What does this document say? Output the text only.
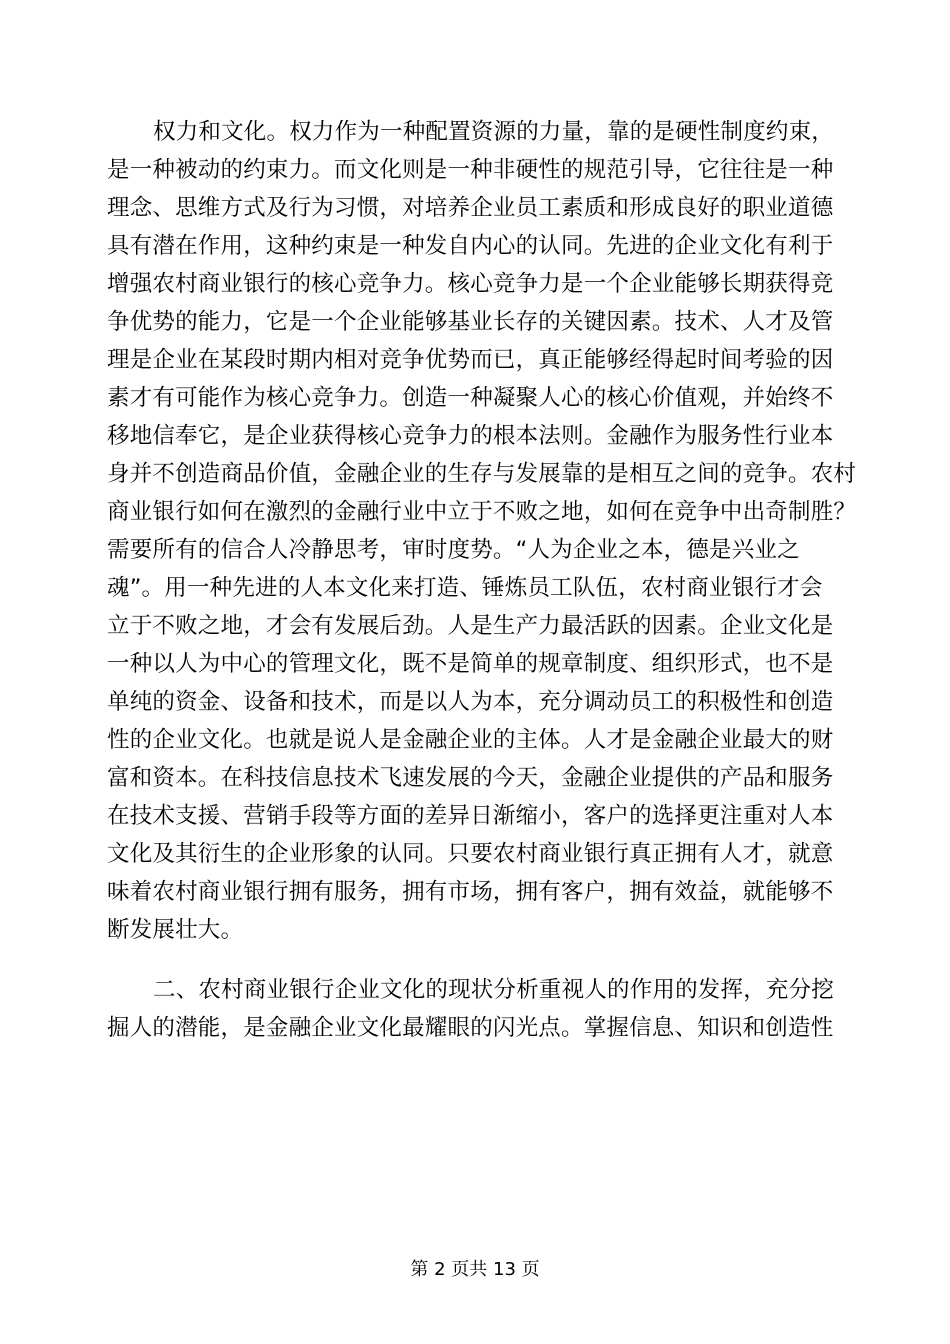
权力和文化。权力作为一种配置资源的力量，靠的是硬性制度约束，
是一种被动的约束力。而文化则是一种非硬性的规范引导，它往往是一种
理念、思维方式及行为习惯，对培养企业员工素质和形成良好的职业道德
具有潜在作用，这种约束是一种发自内心的认同。先进的企业文化有利于
增强农村商业银行的核心竞争力。核心竞争力是一个企业能够长期获得竞
争优势的能力，它是一个企业能够基业长存的关键因素。技术、人才及管
理是企业在某段时期内相对竞争优势而已，真正能够经得起时间考验的因
素才有可能作为核心竞争力。创造一种凝聚人心的核心价值观，并始终不
移地信奉它，是企业获得核心竞争力的根本法则。金融作为服务性行业本
身并不创造商品价值，金融企业的生存与发展靠的是相互之间的竞争。农村
商业银行如何在激烈的金融行业中立于不败之地，如何在竞争中出奇制胜？
需要所有的信合人冷静思考，审时度势。“人为企业之本，德是兴业之
魂”。用一种先进的人本文化来打造、锤炼员工队伍，农村商业银行才会
立于不败之地，才会有发展后劲。人是生产力最活跃的因素。企业文化是
一种以人为中心的管理文化，既不是简单的规章制度、组织形式，也不是
单纯的资金、设备和技术，而是以人为本，充分调动员工的积极性和创造
性的企业文化。也就是说人是金融企业的主体。人才是金融企业最大的财
富和资本。在科技信息技术飞速发展的今天，金融企业提供的产品和服务
在技术支援、营销手段等方面的差异日渐缩小，客户的选择更注重对人本
文化及其衍生的企业形象的认同。只要农村商业银行真正拥有人才，就意
味着农村商业银行拥有服务，拥有市场，拥有客户，拥有效益，就能够不
断发展壮大。
二、农村商业银行企业文化的现状分析重视人的作用的发挥，充分挖
掘人的潜能，是金融企业文化最耀眼的闪光点。掌握信息、知识和创造性
第 2 页共 13 页
